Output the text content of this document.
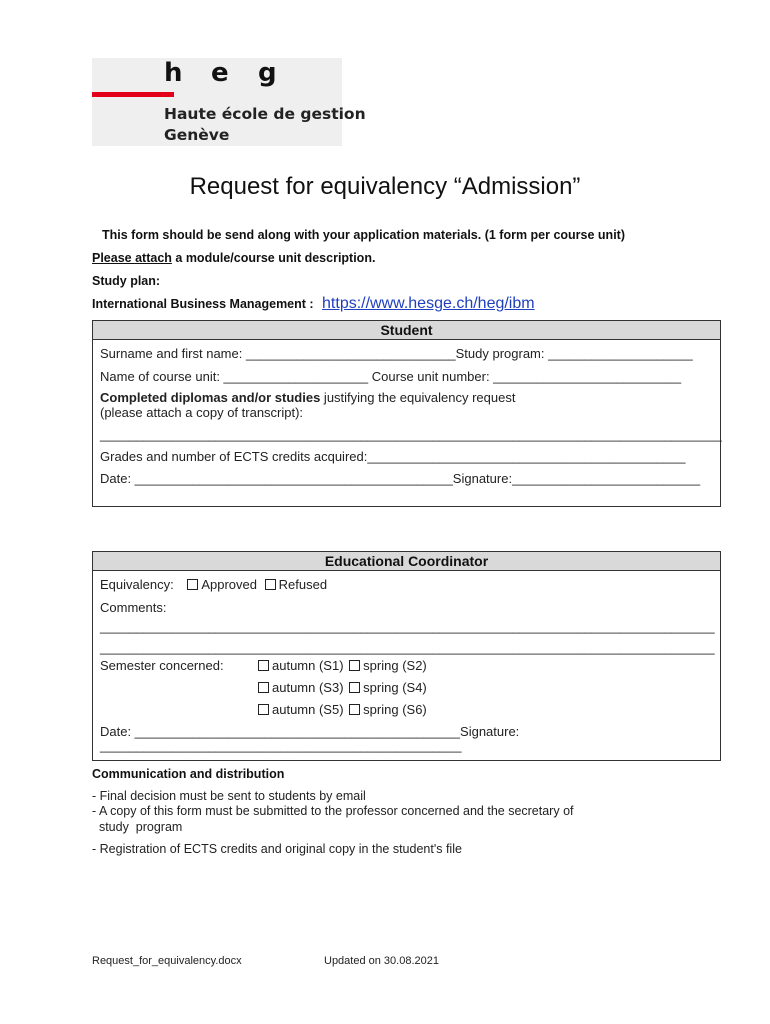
h e g
Haute école de gestion
Genève
Request for equivalency “Admission”
This form should be send along with your application materials. (1 form per course unit)
Please attach a module/course unit description.
Study plan:
International Business Management : https://www.hesge.ch/heg/ibm
Student
Surname and first name: _____________________________Study program: ____________________
Name of course unit: ____________________ Course unit number: __________________________
Completed diplomas and/or studies justifying the equivalency request
(please attach a copy of transcript):
______________________________________________________________________________________
Grades and number of ECTS credits acquired:____________________________________________
Date: ____________________________________________Signature:__________________________
Educational Coordinator
Equivalency: Approved Refused
Comments:
_____________________________________________________________________________________
_____________________________________________________________________________________
Semester concerned:	autumn (S1) spring (S2)
autumn (S3) spring (S4)
autumn (S5) spring (S6)
Date: _____________________________________________Signature:
__________________________________________________
Communication and distribution
- Final decision must be sent to students by email
- A copy of this form must be submitted to the professor concerned and the secretary of
study  program
- Registration of ECTS credits and original copy in the student's file
Request_for_equivalency.docx	Updated on 30.08.2021
